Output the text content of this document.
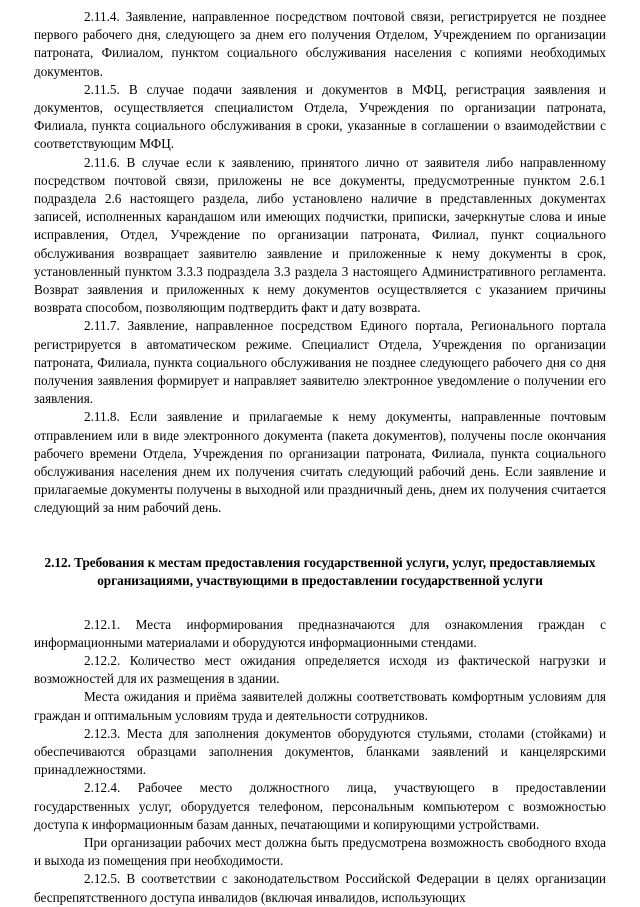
2.11.4. Заявление, направленное посредством почтовой связи, регистрируется не позднее первого рабочего дня, следующего за днем его получения Отделом, Учреждением по организации патроната, Филиалом, пунктом социального обслуживания населения с копиями необходимых документов.

2.11.5. В случае подачи заявления и документов в МФЦ, регистрация заявления и документов, осуществляется специалистом Отдела, Учреждения по организации патроната, Филиала, пункта социального обслуживания в сроки, указанные в соглашении о взаимодействии с соответствующим МФЦ.

2.11.6. В случае если к заявлению, принятого лично от заявителя либо направленному посредством почтовой связи, приложены не все документы, предусмотренные пунктом 2.6.1 подраздела 2.6 настоящего раздела, либо установлено наличие в представленных документах записей, исполненных карандашом или имеющих подчистки, приписки, зачеркнутые слова и иные исправления, Отдел, Учреждение по организации патроната, Филиал, пункт социального обслуживания возвращает заявителю заявление и приложенные к нему документы в срок, установленный пунктом 3.3.3 подраздела 3.3 раздела 3 настоящего Административного регламента. Возврат заявления и приложенных к нему документов осуществляется с указанием причины возврата способом, позволяющим подтвердить факт и дату возврата.

2.11.7. Заявление, направленное посредством Единого портала, Регионального портала регистрируется в автоматическом режиме. Специалист Отдела, Учреждения по организации патроната, Филиала, пункта социального обслуживания не позднее следующего рабочего дня со дня получения заявления формирует и направляет заявителю электронное уведомление о получении его заявления.

2.11.8. Если заявление и прилагаемые к нему документы, направленные почтовым отправлением или в виде электронного документа (пакета документов), получены после окончания рабочего времени Отдела, Учреждения по организации патроната, Филиала, пункта социального обслуживания населения днем их получения считать следующий рабочий день. Если заявление и прилагаемые документы получены в выходной или праздничный день, днем их получения считается следующий за ним рабочий день.

2.12. Требования к местам предоставления государственной услуги, услуг, предоставляемых организациями, участвующими в предоставлении государственной услуги

2.12.1. Места информирования предназначаются для ознакомления граждан с информационными материалами и оборудуются информационными стендами.

2.12.2. Количество мест ожидания определяется исходя из фактической нагрузки и возможностей для их размещения в здании.

Места ожидания и приёма заявителей должны соответствовать комфортным условиям для граждан и оптимальным условиям труда и деятельности сотрудников.

2.12.3. Места для заполнения документов оборудуются стульями, столами (стойками) и обеспечиваются образцами заполнения документов, бланками заявлений и канцелярскими принадлежностями.

2.12.4. Рабочее место должностного лица, участвующего в предоставлении государственных услуг, оборудуется телефоном, персональным компьютером с возможностью доступа к информационным базам данных, печатающими и копирующими устройствами.

При организации рабочих мест должна быть предусмотрена возможность свободного входа и выхода из помещения при необходимости.

2.12.5. В соответствии с законодательством Российской Федерации в целях организации беспрепятственного доступа инвалидов (включая инвалидов, использующих
